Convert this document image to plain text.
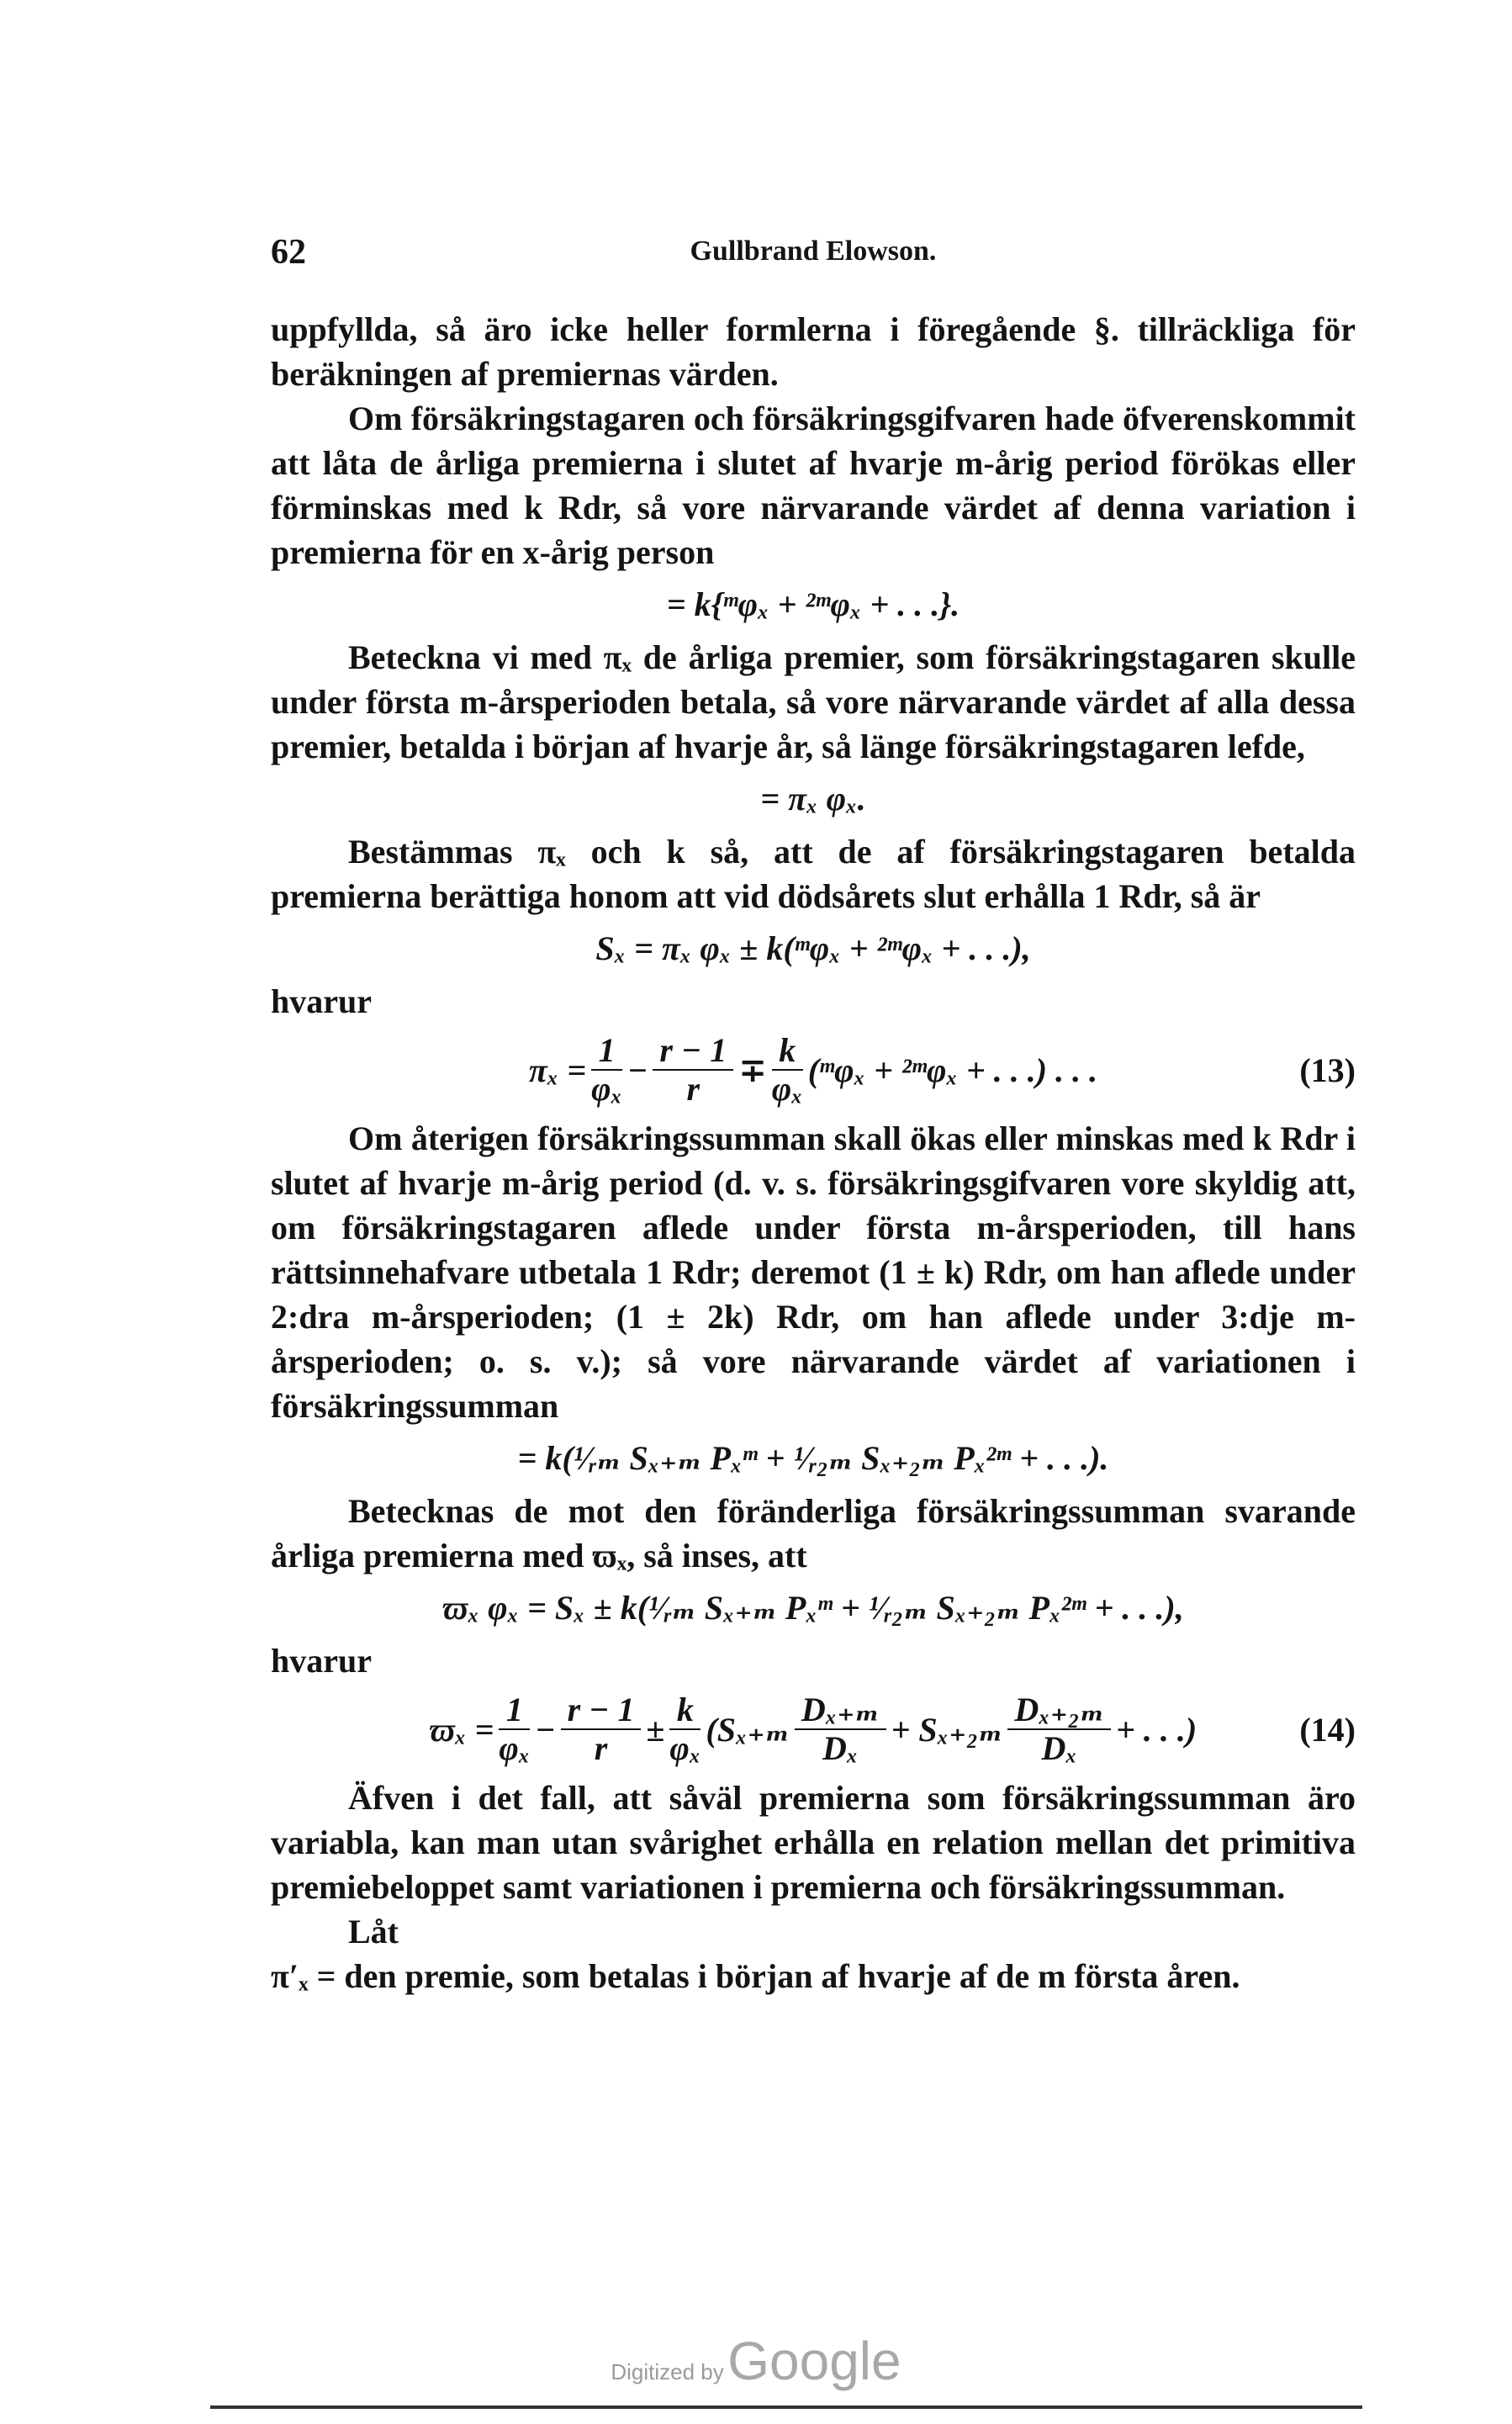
62	Gullbrand Elowson.

uppfyllda, så äro icke heller formlerna i föregående §. tillräckliga för beräkningen af premiernas värden.

Om försäkringstagaren och försäkringsgifvaren hade öfverenskommit att låta de årliga premierna i slutet af hvarje m-årig period förökas eller förminskas med k Rdr, så vore närvarande värdet af denna variation i premierna för en x-årig person

= k{ᵐφₓ + ²ᵐφₓ + . . .}.

Beteckna vi med πₓ de årliga premier, som försäkringstagaren skulle under första m-årsperioden betala, så vore närvarande värdet af alla dessa premier, betalda i början af hvarje år, så länge försäkringstagaren lefde,

= πₓ φₓ.

Bestämmas πₓ och k så, att de af försäkringstagaren betalda premierna berättiga honom att vid dödsårets slut erhålla 1 Rdr, så är

Sₓ = πₓ φₓ ± k(ᵐφₓ + ²ᵐφₓ + . . .),
hvarur
$\pi_x = \frac{1}{\text{φₓ}} - \frac{r - 1}{r} \mp \frac{k}{\text{φₓ}}$ (ᵐφₓ + ²ᵐφₓ + . . .) . . .	(13)

Om återigen försäkringssumman skall ökas eller minskas med k Rdr i slutet af hvarje m-årig period (d. v. s. försäkringsgifvaren vore skyldig att, om försäkringstagaren aflede under första m-årsperioden, till hans rättsinnehafvare utbetala 1 Rdr; deremot (1 ± k) Rdr, om han aflede under 2:dra m-årsperioden; (1 ± 2k) Rdr, om han aflede under 3:dje m-årsperioden; o. s. v.); så vore närvarande värdet af variationen i försäkringssumman

= k(¹⁄ᵣₘ Sₓ₊ₘ Pₓᵐ + ¹⁄ᵣ₂ₘ Sₓ₊₂ₘ Pₓ²ᵐ + . . .).

Betecknas de mot den föränderliga försäkringssumman svarande årliga premierna med ϖₓ, så inses, att

ϖₓ φₓ = Sₓ ± k(¹⁄ᵣₘ Sₓ₊ₘ Pₓᵐ + ¹⁄ᵣ₂ₘ Sₓ₊₂ₘ Pₓ²ᵐ + . . .),
hvarur
$ϖ_x = \frac{1}{\text{φₓ}} - \frac{r - 1}{r} \pm \frac{k}{\text{φₓ}} (S_{x+m} \frac{\text{Dₓ₊ₘ}}{\text{Dₓ}} + S_{x+2m} \frac{\text{Dₓ₊₂ₘ}}{\text{Dₓ}}$ + . . .)	(14)

Äfven i det fall, att såväl premierna som försäkringssumman äro variabla, kan man utan svårighet erhålla en relation mellan det primitiva premiebeloppet samt variationen i premierna och försäkringssumman.

Låt

π′ₓ = den premie, som betalas i början af hvarje af de m första åren.

Digitized by Google
